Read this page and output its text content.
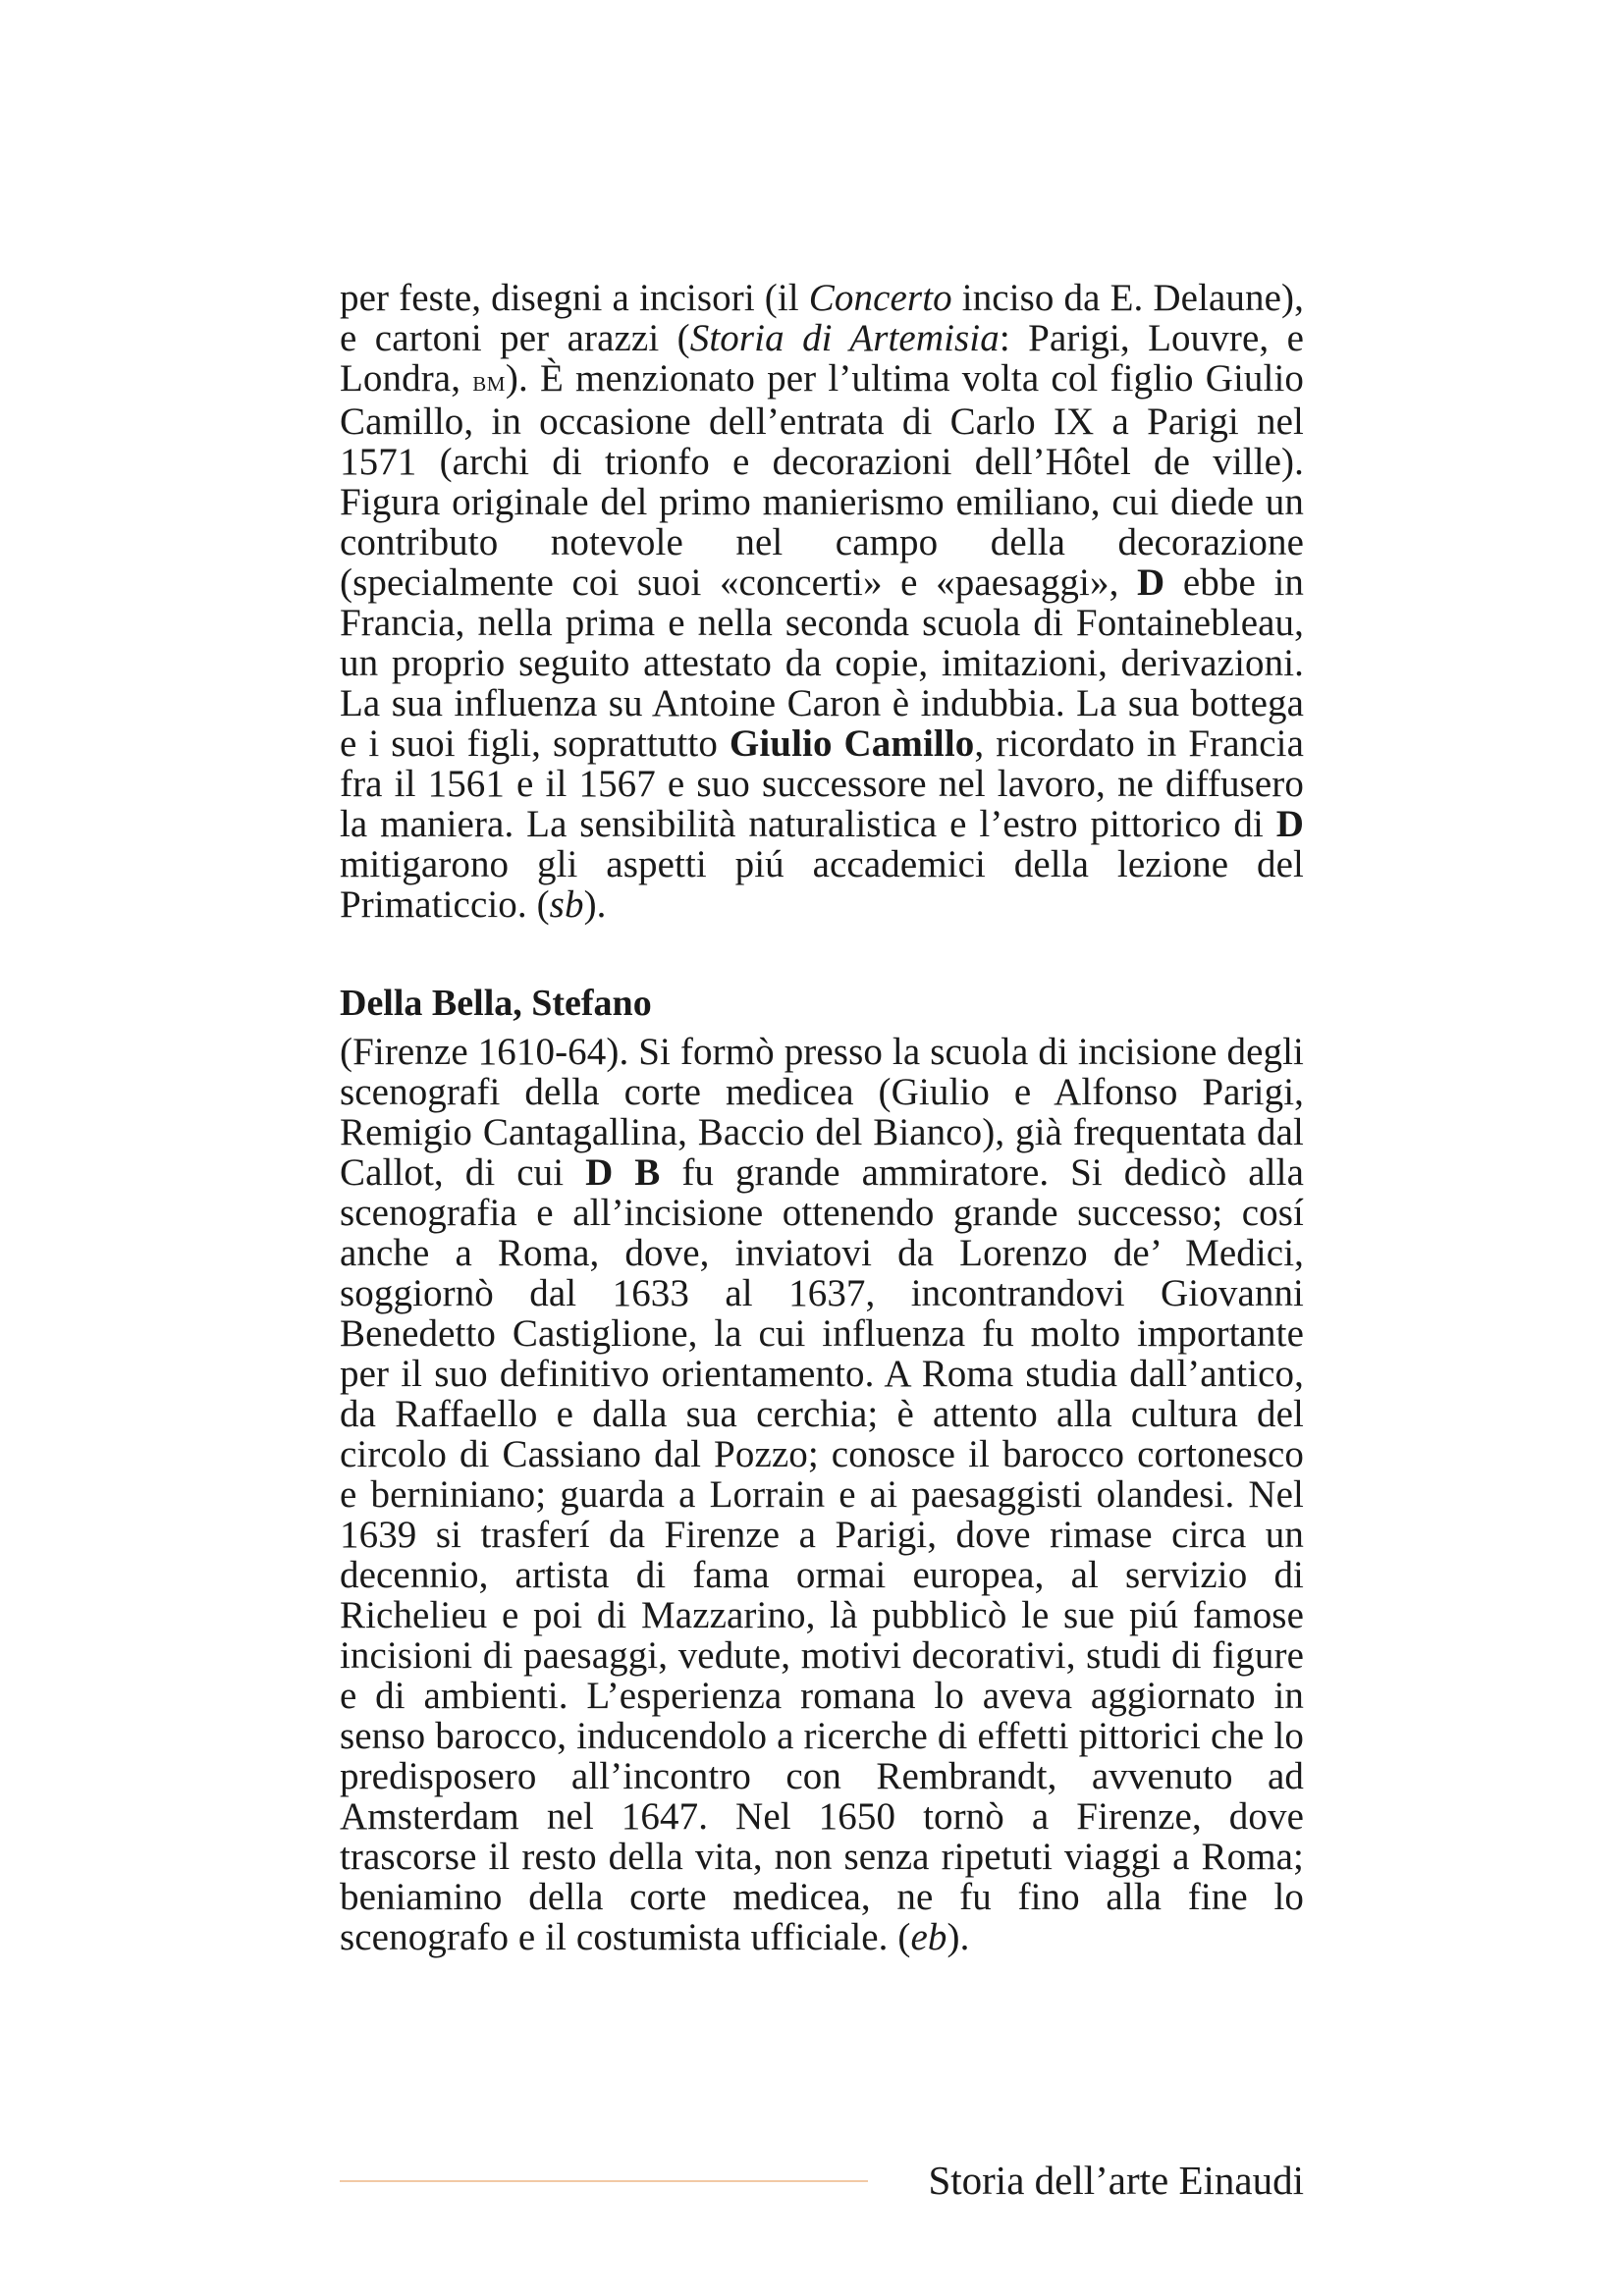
per feste, disegni a incisori (il Concerto inciso da E. Delaune), e cartoni per arazzi (Storia di Artemisia: Parigi, Louvre, e Londra, bm). È menzionato per l’ultima volta col figlio Giulio Camillo, in occasione dell’entrata di Carlo IX a Parigi nel 1571 (archi di trionfo e decorazioni dell’Hôtel de ville). Figura originale del primo manierismo emiliano, cui diede un contributo notevole nel campo della decorazione (specialmente coi suoi «concerti» e «paesaggi», D ebbe in Francia, nella prima e nella seconda scuola di Fontainebleau, un proprio seguito attestato da copie, imitazioni, derivazioni. La sua influenza su Antoine Caron è indubbia. La sua bottega e i suoi figli, soprattutto Giulio Camillo, ricordato in Francia fra il 1561 e il 1567 e suo successore nel lavoro, ne diffusero la maniera. La sensibilità naturalistica e l’estro pittorico di D mitigarono gli aspetti piú accademici della lezione del Primaticcio. (sb).

Della Bella, Stefano

(Firenze 1610-64). Si formò presso la scuola di incisione degli scenografi della corte medicea (Giulio e Alfonso Parigi, Remigio Cantagallina, Baccio del Bianco), già frequentata dal Callot, di cui D B fu grande ammiratore. Si dedicò alla scenografia e all’incisione ottenendo grande successo; cosí anche a Roma, dove, inviatovi da Lorenzo de’ Medici, soggiornò dal 1633 al 1637, incontrandovi Giovanni Benedetto Castiglione, la cui influenza fu molto importante per il suo definitivo orientamento. A Roma studia dall’antico, da Raffaello e dalla sua cerchia; è attento alla cultura del circolo di Cassiano dal Pozzo; conosce il barocco cortonesco e berniniano; guarda a Lorrain e ai paesaggisti olandesi. Nel 1639 si trasferí da Firenze a Parigi, dove rimase circa un decennio, artista di fama ormai europea, al servizio di Richelieu e poi di Mazzarino, là pubblicò le sue piú famose incisioni di paesaggi, vedute, motivi decorativi, studi di figure e di ambienti. L’esperienza romana lo aveva aggiornato in senso barocco, inducendolo a ricerche di effetti pittorici che lo predisposero all’incontro con Rembrandt, avvenuto ad Amsterdam nel 1647. Nel 1650 tornò a Firenze, dove trascorse il resto della vita, non senza ripetuti viaggi a Roma; beniamino della corte medicea, ne fu fino alla fine lo scenografo e il costumista ufficiale. (eb).

Storia dell’arte Einaudi
